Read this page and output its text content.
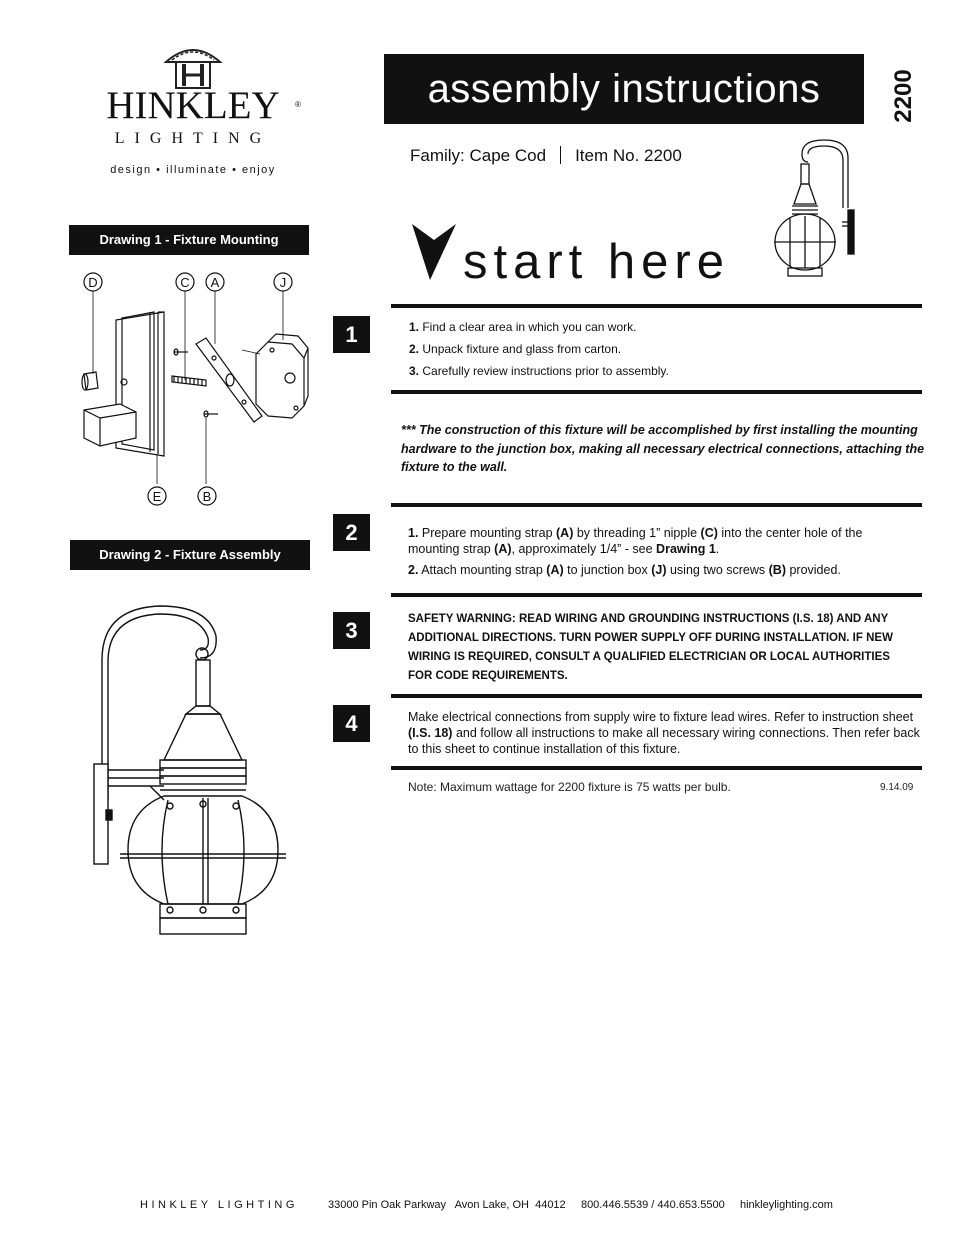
HINKLEY	®
LIGHTING
design • illuminate • enjoy
assembly instructions	2200
Family: Cape Cod Item No. 2200
start here
Drawing 1 - Fixture Mounting
D	C A	J
E	B
Drawing 2 - Fixture Assembly
1	1. Find a clear area in which you can work.
2. Unpack fixture and glass from carton.
3. Carefully review instructions prior to assembly.
*** The construction of this fixture will be accomplished by first installing the mounting hardware to the junction box, making all necessary electrical connections, attaching the fixture to the wall.
2	1. Prepare mounting strap (A) by threading 1” nipple (C) into the center hole of the mounting strap (A), approximately 1/4” - see Drawing 1.
2. Attach mounting strap (A) to junction box (J) using two screws (B) provided.
3	SAFETY WARNING: READ WIRING AND GROUNDING INSTRUCTIONS (I.S. 18) AND ANY ADDITIONAL DIRECTIONS. TURN POWER SUPPLY OFF DURING INSTALLATION. IF NEW WIRING IS REQUIRED, CONSULT A QUALIFIED ELECTRICIAN OR LOCAL AUTHORITIES FOR CODE REQUIREMENTS.
4	Make electrical connections from supply wire to fixture lead wires. Refer to instruction sheet (I.S. 18) and follow all instructions to make all necessary wiring connections. Then refer back to this sheet to continue installation of this fixture.
Note: Maximum wattage for 2200 fixture is 75 watts per bulb.	9.14.09
HINKLEY LIGHTING	33000 Pin Oak Parkway   Avon Lake, OH  44012     800.446.5539 / 440.653.5500     hinkleylighting.com
